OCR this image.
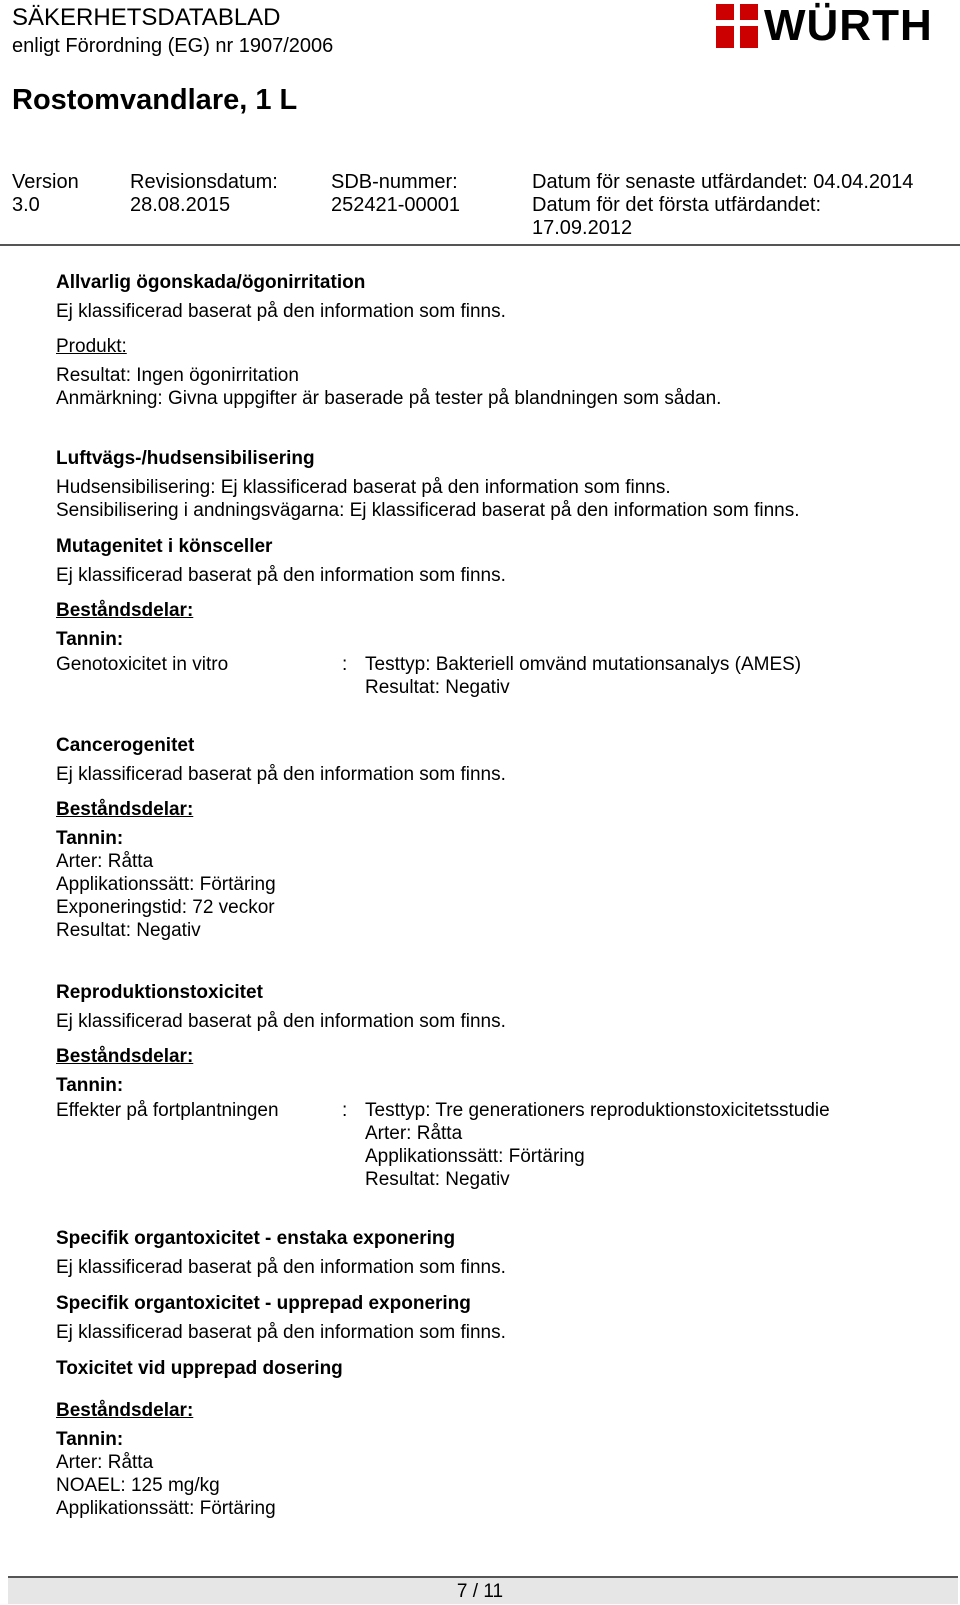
SÄKERHETSDATABLAD
enligt Förordning (EG) nr 1907/2006
Rostomvandlare, 1 L
WÜRTH
Version
3.0
Revisionsdatum:
28.08.2015
SDB-nummer:
252421-00001
Datum för senaste utfärdandet: 04.04.2014
Datum för det första utfärdandet:
17.09.2012
Allvarlig ögonskada/ögonirritation
Ej klassificerad baserat på den information som finns.
Produkt:
Resultat: Ingen ögonirritation
Anmärkning: Givna uppgifter är baserade på tester på blandningen som sådan.
Luftvägs-/hudsensibilisering
Hudsensibilisering: Ej klassificerad baserat på den information som finns.
Sensibilisering i andningsvägarna: Ej klassificerad baserat på den information som finns.
Mutagenitet i könsceller
Ej klassificerad baserat på den information som finns.
Beståndsdelar:
Tannin:
Genotoxicitet in vitro	: Testtyp: Bakteriell omvänd mutationsanalys (AMES)
Resultat: Negativ
Cancerogenitet
Ej klassificerad baserat på den information som finns.
Beståndsdelar:
Tannin:
Arter: Råtta
Applikationssätt: Förtäring
Exponeringstid: 72 veckor
Resultat: Negativ
Reproduktionstoxicitet
Ej klassificerad baserat på den information som finns.
Beståndsdelar:
Tannin:
Effekter på fortplantningen	: Testtyp: Tre generationers reproduktionstoxicitetsstudie
Arter: Råtta
Applikationssätt: Förtäring
Resultat: Negativ
Specifik organtoxicitet - enstaka exponering
Ej klassificerad baserat på den information som finns.
Specifik organtoxicitet - upprepad exponering
Ej klassificerad baserat på den information som finns.
Toxicitet vid upprepad dosering
Beståndsdelar:
Tannin:
Arter: Råtta
NOAEL: 125 mg/kg
Applikationssätt: Förtäring
7 / 11
